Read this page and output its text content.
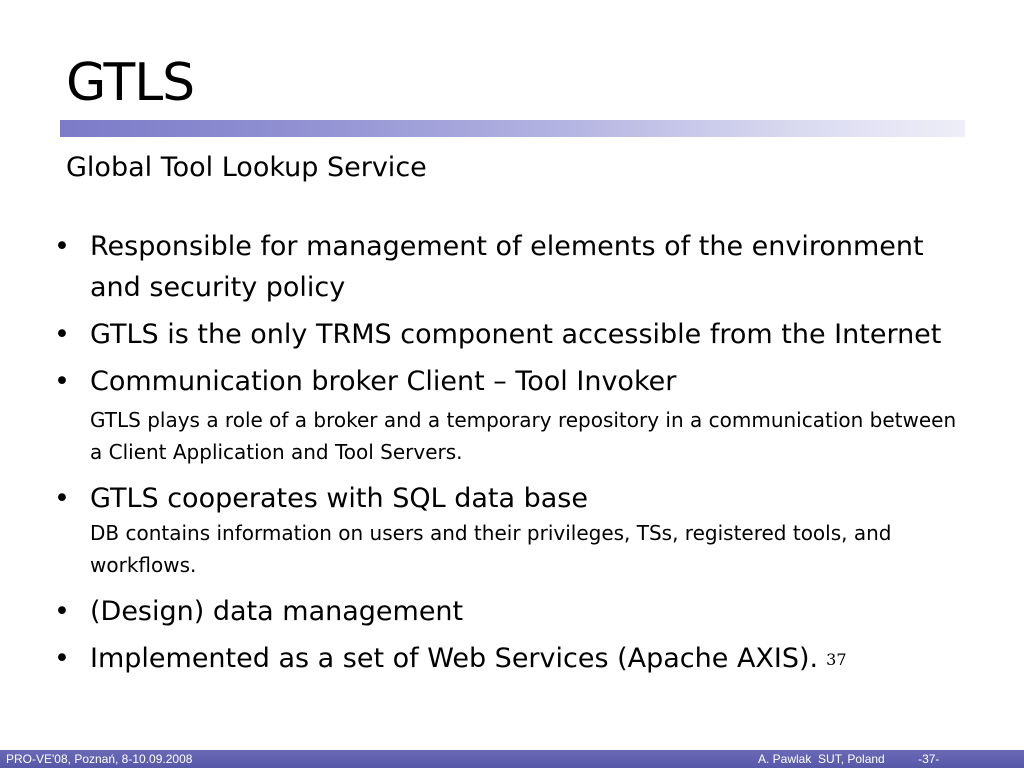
GTLS
Global Tool Lookup Service
• Responsible for management of elements of the environment and security policy
• GTLS is the only TRMS component accessible from the Internet
• Communication broker Client – Tool Invoker
GTLS plays a role of a broker and a temporary repository in a communication between a Client Application and Tool Servers.
• GTLS cooperates with SQL data base
DB contains information on users and their privileges, TSs, registered tools, and workflows.
• (Design) data management
• Implemented as a set of Web Services (Apache AXIS). 37
PRO-VE'08, Poznań, 8-10.09.2008	A. Pawlak  SUT, Poland          -37-
